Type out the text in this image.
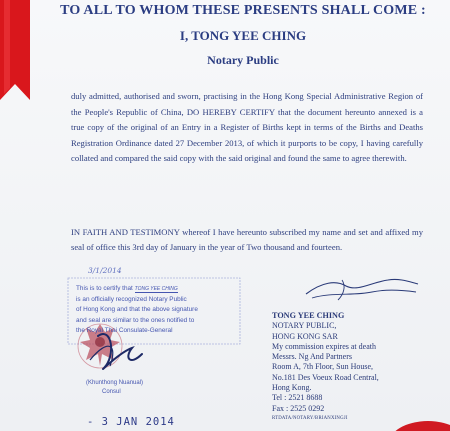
TO ALL TO WHOM THESE PRESENTS SHALL COME :
I, TONG YEE CHING
Notary Public
duly admitted, authorised and sworn, practising in the Hong Kong Special Administrative Region of the People's Republic of China, DO HEREBY CERTIFY that the document hereunto annexed is a true copy of the original of an Entry in a Register of Births kept in terms of the Births and Deaths Registration Ordinance dated 27 December 2013, of which it purports to be copy, I having carefully collated and compared the said copy with the said original and found the same to agree therewith.
IN FAITH AND TESTIMONY whereof I have hereunto subscribed my name and set and affixed my seal of office this 3rd day of January in the year of Two thousand and fourteen.
3/1/2014
This is to certify that TONG YEE CHING
is an officially recognized Notary Public
of Hong Kong and that the above signature
and seal are similar to the ones notified to
the Royal Thai Consulate-General
(Khunthong Nuanual)
Consul
- 3 JAN 2014
TONG YEE CHING
NOTARY PUBLIC,
HONG KONG SAR
My commission expires at death
Messrs. Ng And Partners
Room A, 7th Floor, Sun House,
No.181 Des Voeux Road Central,
Hong Kong.
Tel : 2521 8688
Fax : 2525 0292
RTDATA/NOTARY/BRIANXINGJI
